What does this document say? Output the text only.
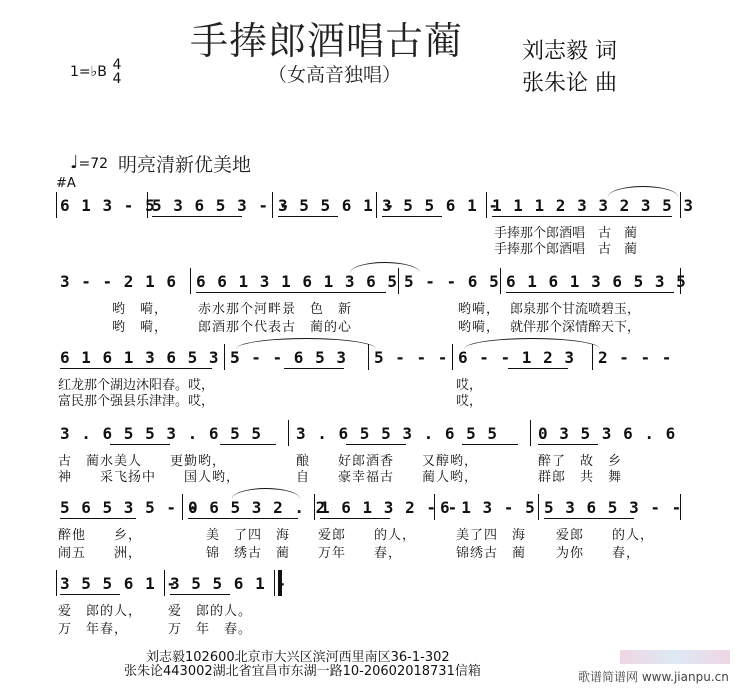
手捧郎酒唱古蔺
（女高音独唱）
刘志毅 词
张朱论 曲
1=♭B 4
4
♩=72 明亮清新优美地
#A
6 1 3 - 5
5 3 6 5 3 - -
3 5 5 6 1 -
3 5 5 6 1 -
1 1 1 2 3 3 2 3 5 3
手捧那个郎酒唱　古　蔺
手捧那个郎酒唱　古　蔺
3 - - 2 1 6 6 6 1 3 1 6 1 3 6 5 5 - - 6 5 6 1 6 1 3 6 5 3 5
哟　嗬， 赤水那个河畔景　色　新	哟嗬， 郎泉那个甘流喷碧玉，
哟　嗬， 郎酒那个代表古　蔺的心	哟嗬， 就伴那个深情醉天下，
6 1 6 1 3 6 5 3 5
5 - - 6 5 3 5 - - - 6 - - 1 2 3 2 - - -
红龙那个湖边沐阳春。哎，	哎，
富民那个强县乐津津。哎，	哎，
3 . 6 5 5 3 . 6 5 5 3 . 6 5 5 3 . 6 5 5 0 3 5 3 6 . 6
古　蔺水美人　　更勤哟，	酿　　好郎酒香　　又醇哟，	醉了　故　乡
神　　采飞扬中　　国人哟，	自　　豪幸福古　　蔺人哟，	群郎　共　舞
5 6 5 3 5 - -
0 6 5 3 2 . 2
1 6 1 3 2 - -
6 1 3 - 5 5 3 6 5 3 - -
醉他　　乡，	美　了四　海 爱郎　　的人，	美了四　海 爱郎　　的人，
闹五　　洲，	锦　绣古　蔺 万年　　春，	锦绣古　蔺 为你　　春，
3 5 5 6 1 -
3 5 5 6 1 -
爱　郎的人， 爱　郎的人。
万　年春，	万　年　春。
刘志毅102600北京市大兴区滨河西里南区36-1-302
张朱论443002湖北省宜昌市东湖一路10-20602018731信箱	歌谱简谱网 www.jianpu.cn
